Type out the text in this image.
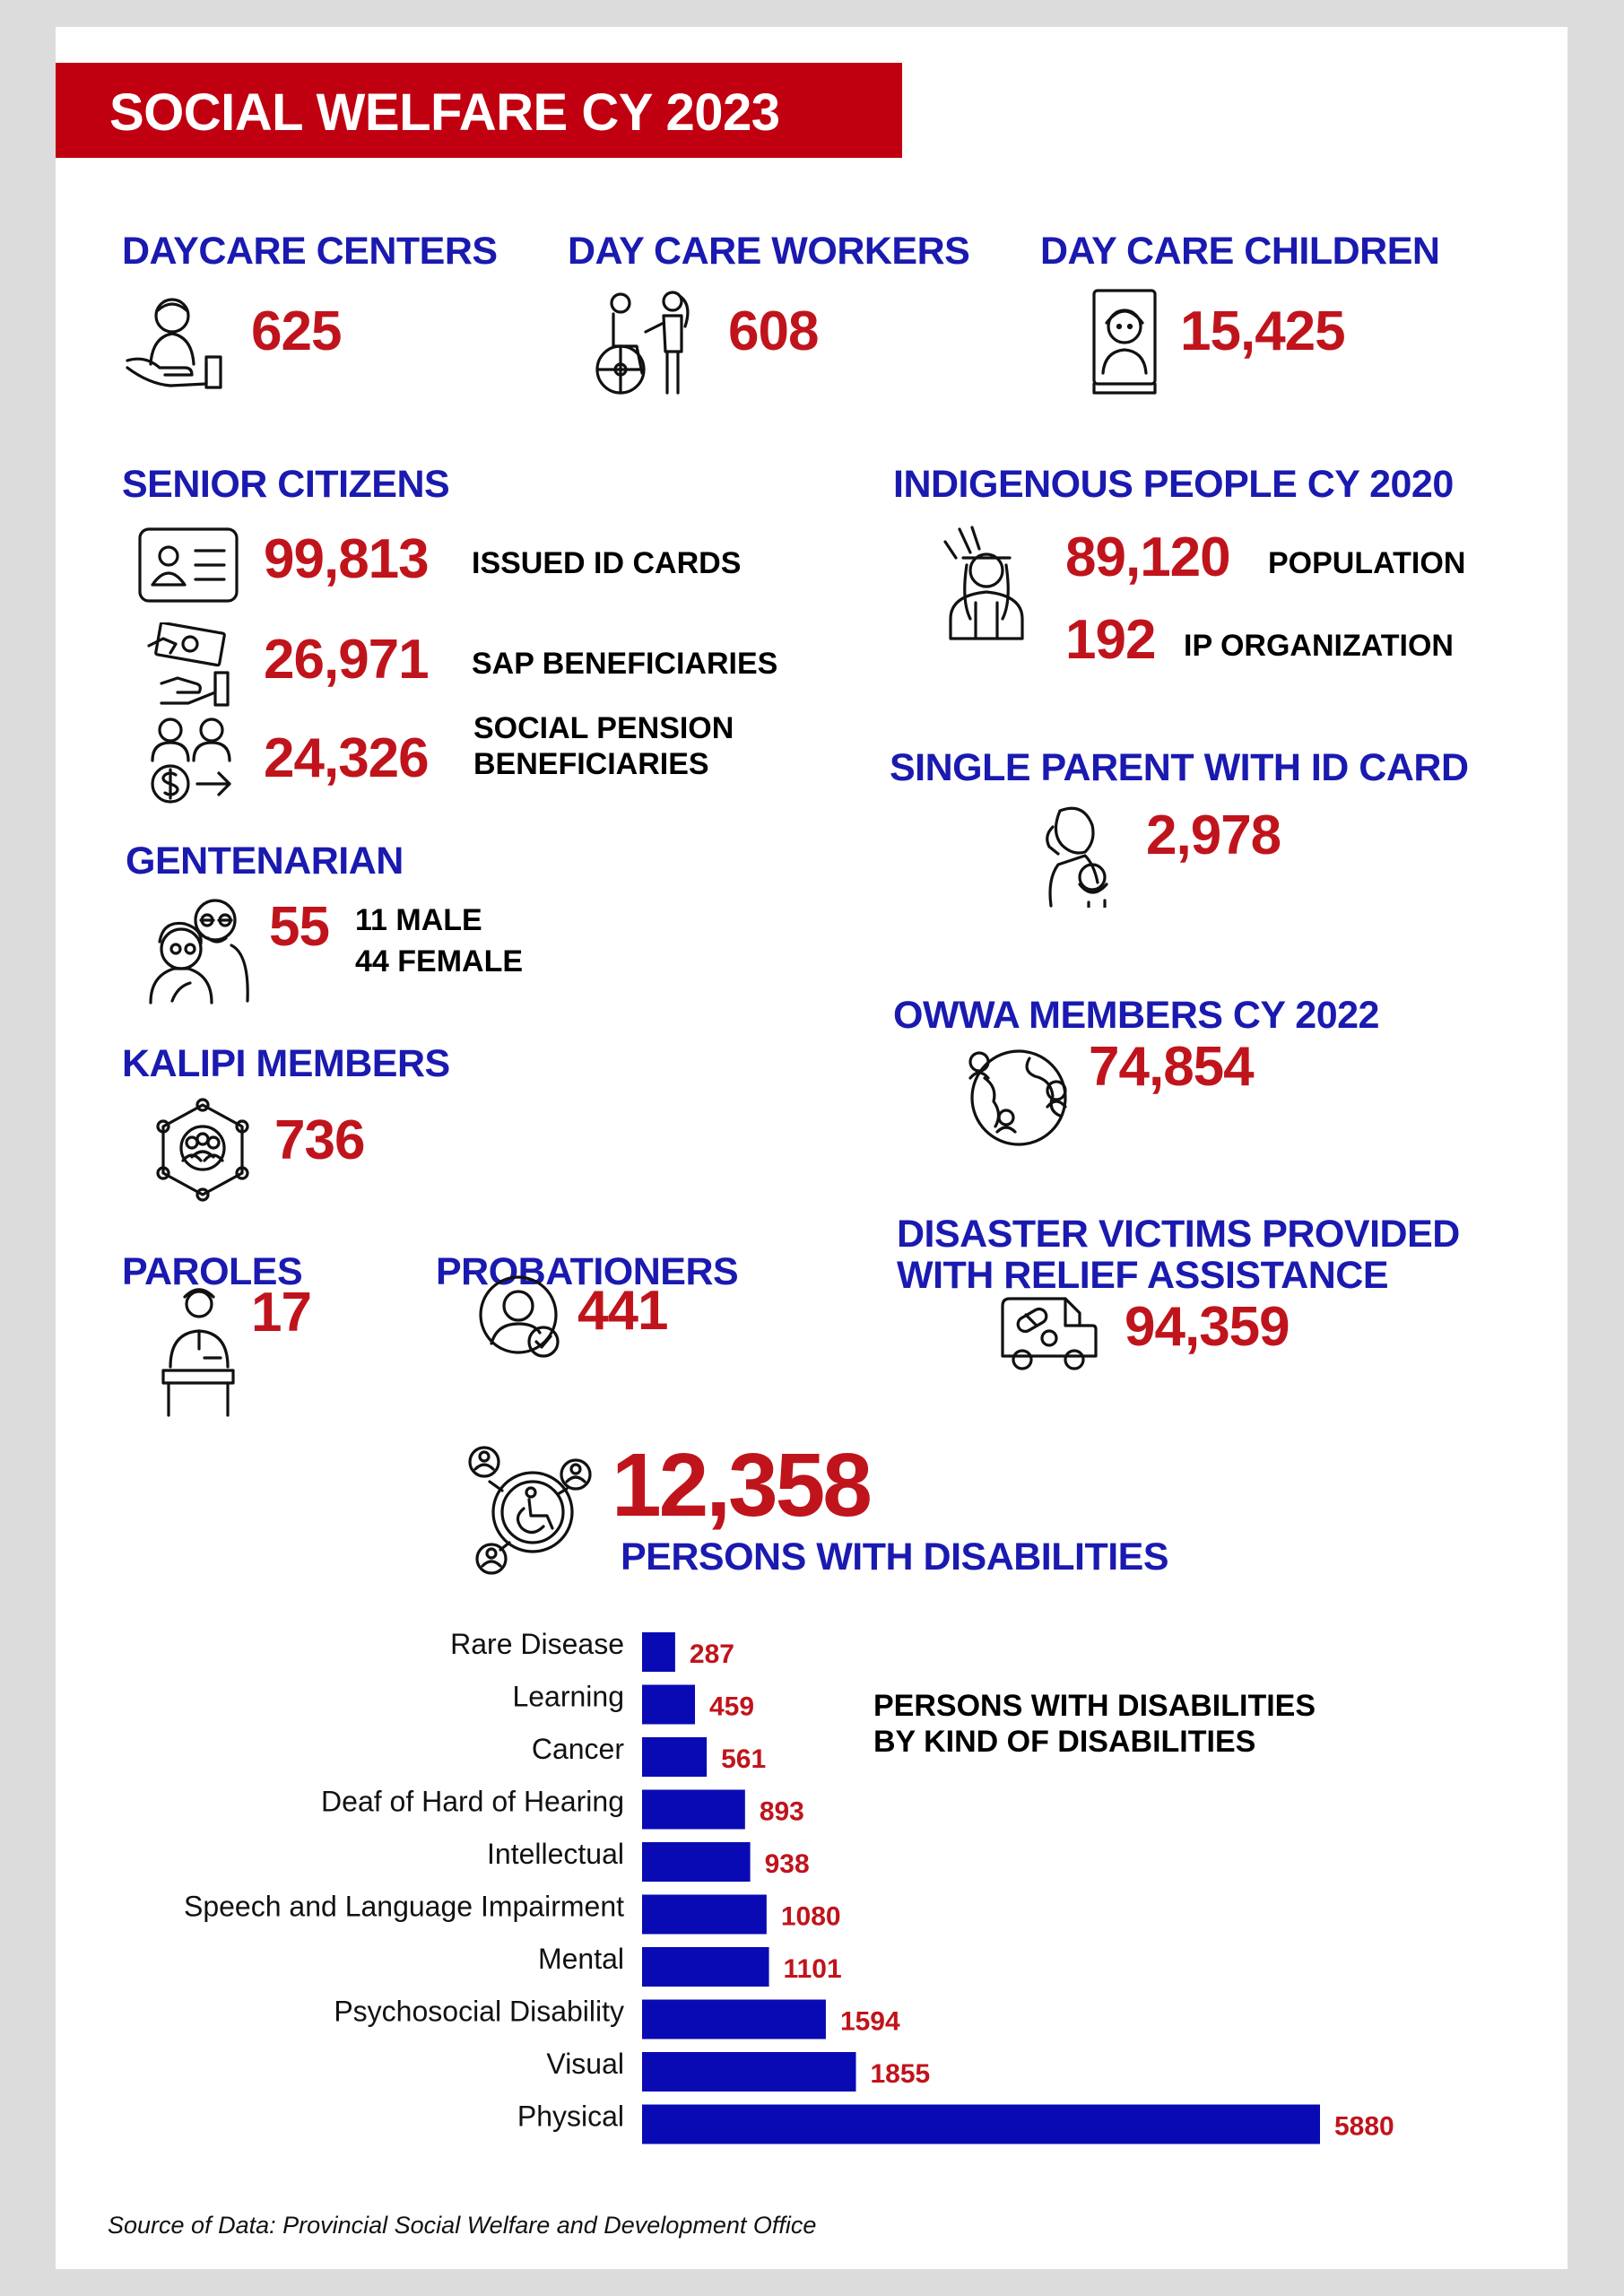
SOCIAL WELFARE CY 2023
DAYCARE CENTERS
625
DAY CARE WORKERS
608
DAY CARE CHILDREN
15,425
SENIOR CITIZENS
99,813 ISSUED ID CARDS
26,971 SAP BENEFICIARIES
24,326 SOCIAL PENSION
BENEFICIARIES
INDIGENOUS PEOPLE CY 2020
89,120 POPULATION
192 IP ORGANIZATION
SINGLE PARENT WITH ID CARD
2,978
GENTENARIAN
55 11 MALE
44 FEMALE
OWWA MEMBERS CY 2022
74,854
KALIPI MEMBERS
736
PAROLES
17
PROBATIONERS
441
DISASTER VICTIMS PROVIDED
WITH RELIEF ASSISTANCE
94,359
12,358
PERSONS WITH DISABILITIES
PERSONS WITH DISABILITIES
BY KIND OF DISABILITIES
Rare Disease 287
Learning	459
Cancer	561
Deaf of Hard of Hearing	893
Intellectual	938
Speech and Language Impairment	1080
Mental	1101
Psychosocial Disability	1594
Visual	1855
Physical	5880
Source of Data: Provincial Social Welfare and Development Office
